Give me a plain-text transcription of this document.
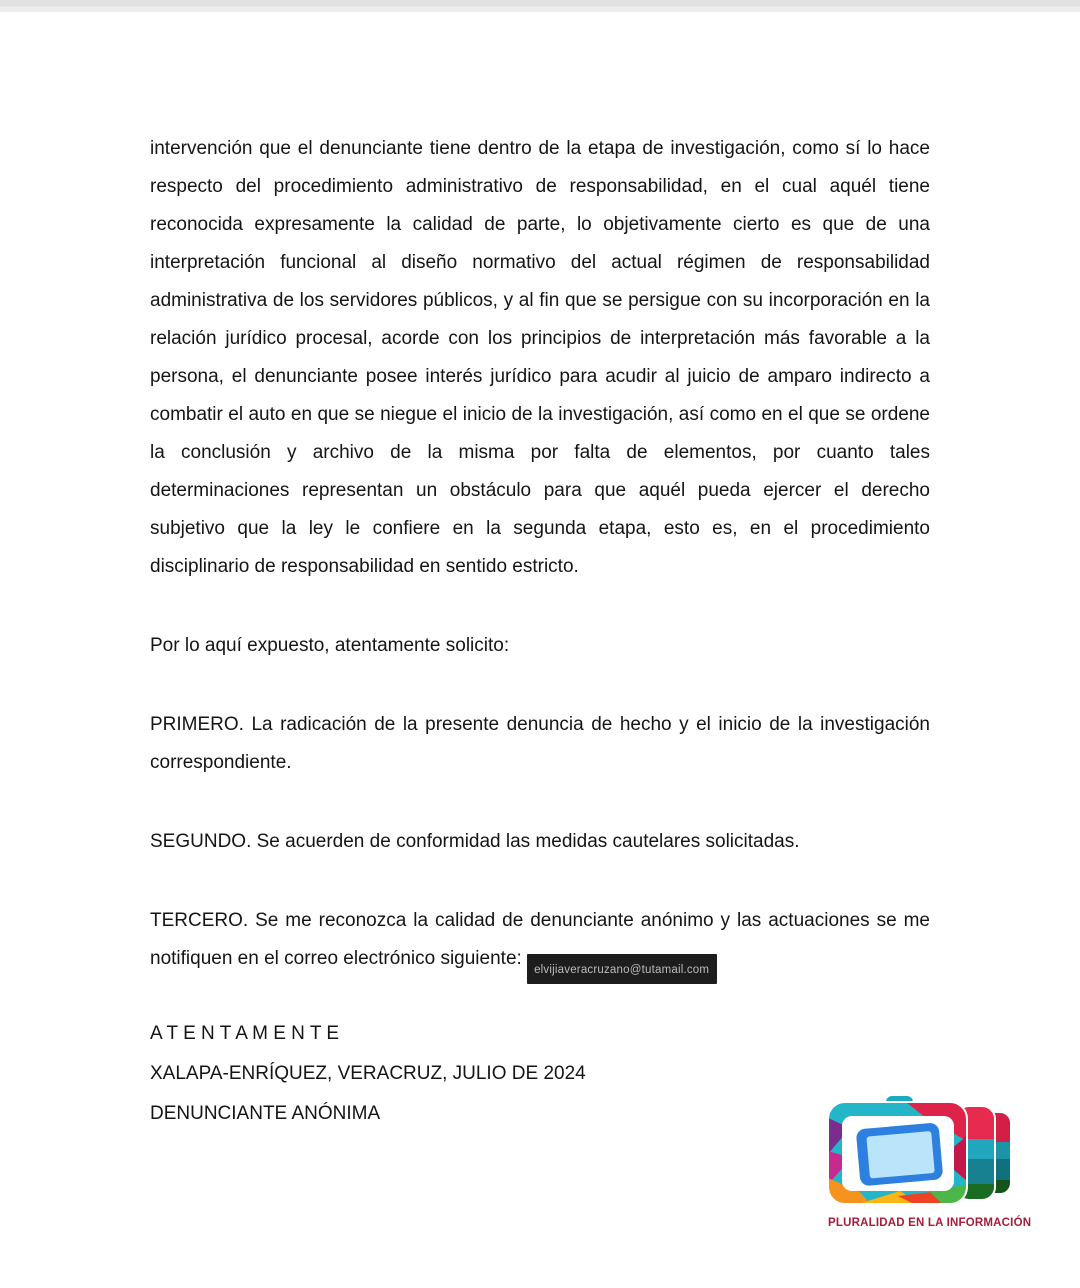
intervención que el denunciante tiene dentro de la etapa de investigación, como sí lo hace respecto del procedimiento administrativo de responsabilidad, en el cual aquél tiene reconocida expresamente la calidad de parte, lo objetivamente cierto es que de una interpretación funcional al diseño normativo del actual régimen de responsabilidad administrativa de los servidores públicos, y al fin que se persigue con su incorporación en la relación jurídico procesal, acorde con los principios de interpretación más favorable a la persona, el denunciante posee interés jurídico para acudir al juicio de amparo indirecto a combatir el auto en que se niegue el inicio de la investigación, así como en el que se ordene la conclusión y archivo de la misma por falta de elementos, por cuanto tales determinaciones representan un obstáculo para que aquél pueda ejercer el derecho subjetivo que la ley le confiere en la segunda etapa, esto es, en el procedimiento disciplinario de responsabilidad en sentido estricto.

Por lo aquí expuesto, atentamente solicito:

PRIMERO. La radicación de la presente denuncia de hecho y el inicio de la investigación correspondiente.

SEGUNDO. Se acuerden de conformidad las medidas cautelares solicitadas.

TERCERO. Se me reconozca la calidad de denunciante anónimo y las actuaciones se me notifiquen en el correo electrónico siguiente: elvijiaveracruzano@tutamail.com

A T E N T A M E N T E
XALAPA-ENRÍQUEZ, VERACRUZ, JULIO DE 2024
DENUNCIANTE ANÓNIMA
PLURALIDAD EN LA INFORMACIÓN
